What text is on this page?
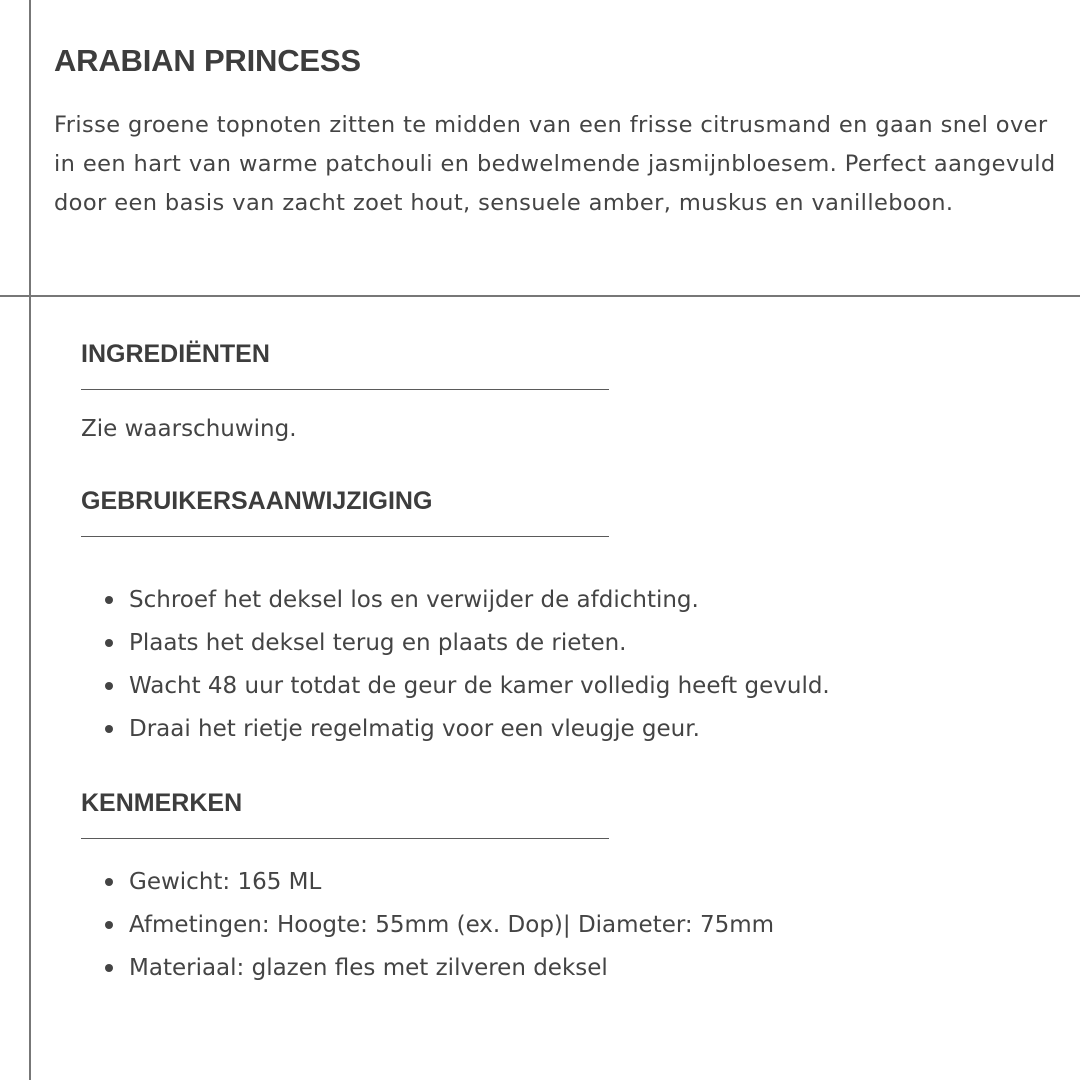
ARABIAN PRINCESS

Frisse groene topnoten zitten te midden van een frisse citrusmand en gaan snel over in een hart van warme patchouli en bedwelmende jasmijnbloesem. Perfect aangevuld door een basis van zacht zoet hout, sensuele amber, muskus en vanilleboon.

INGREDIËNTEN

Zie waarschuwing.

GEBRUIKERSAANWIJZIGING
Schroef het deksel los en verwijder de afdichting.
Plaats het deksel terug en plaats de rieten.
Wacht 48 uur totdat de geur de kamer volledig heeft gevuld.
Draai het rietje regelmatig voor een vleugje geur.
KENMERKEN
Gewicht: 165 ML
Afmetingen: Hoogte: 55mm (ex. Dop)| Diameter: 75mm
Materiaal: glazen fles met zilveren deksel
